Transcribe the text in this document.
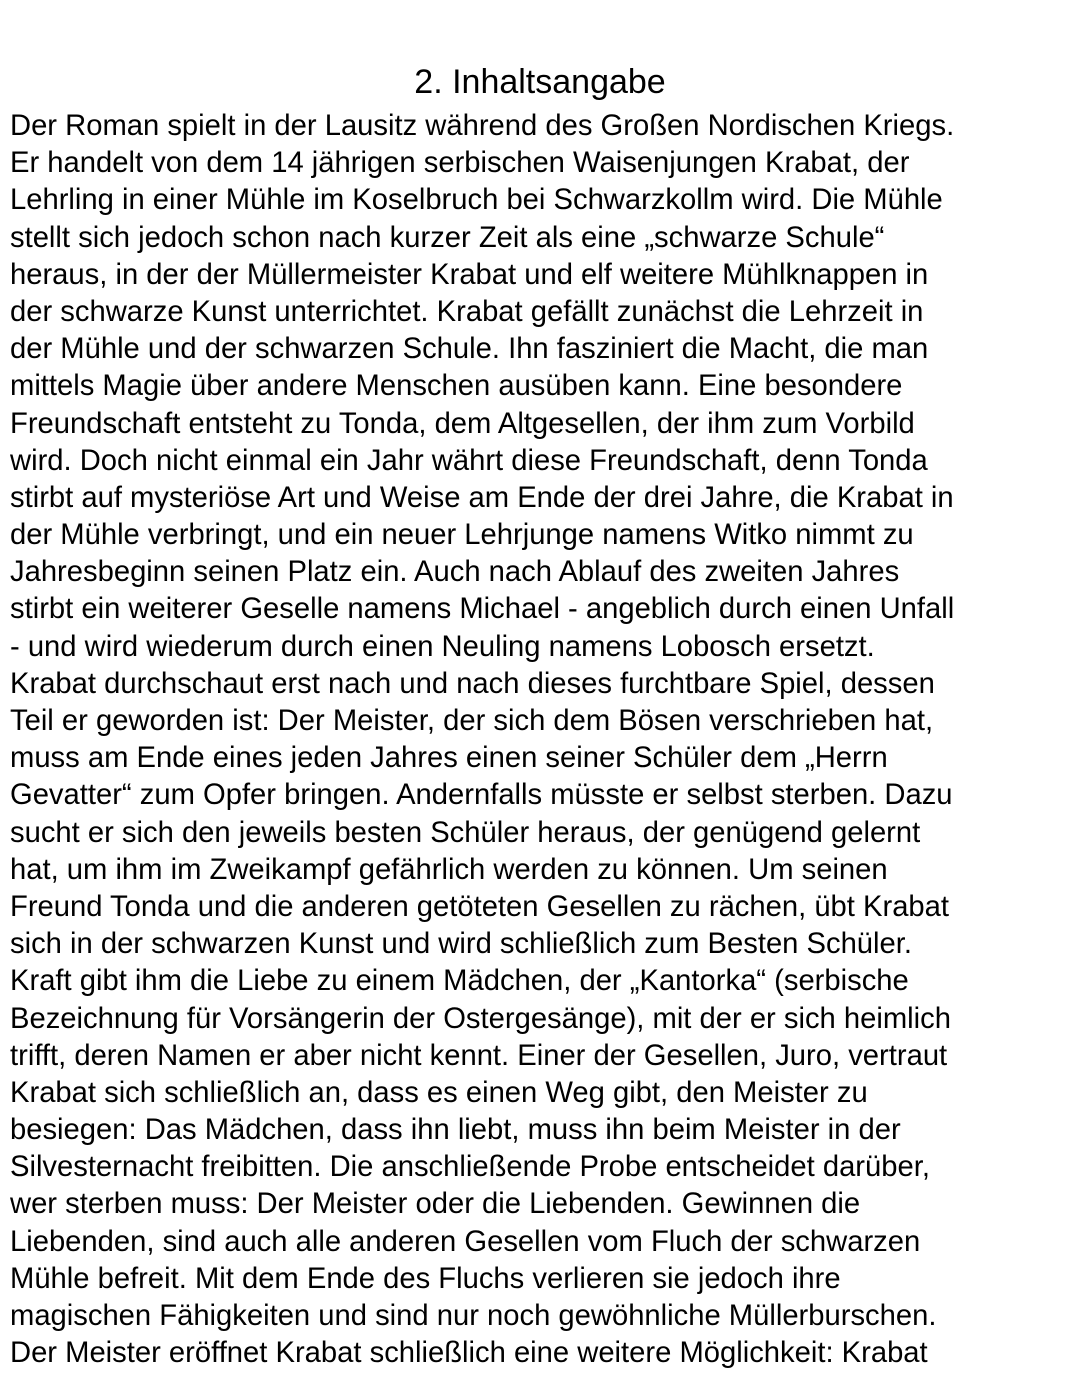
2. Inhaltsangabe

Der Roman spielt in der Lausitz während des Großen Nordischen Kriegs.

Er handelt von dem 14 jährigen serbischen Waisenjungen Krabat, der

Lehrling in einer Mühle im Koselbruch bei Schwarzkollm wird. Die Mühle

stellt sich jedoch schon nach kurzer Zeit als eine „schwarze Schule“

heraus, in der der Müllermeister Krabat und elf weitere Mühlknappen in

der schwarze Kunst unterrichtet. Krabat gefällt zunächst die Lehrzeit in

der Mühle und der schwarzen Schule. Ihn fasziniert die Macht, die man

mittels Magie über andere Menschen ausüben kann. Eine besondere

Freundschaft entsteht zu Tonda, dem Altgesellen, der ihm zum Vorbild

wird. Doch nicht einmal ein Jahr währt diese Freundschaft, denn Tonda

stirbt auf mysteriöse Art und Weise am Ende der drei Jahre, die Krabat in

der Mühle verbringt, und ein neuer Lehrjunge namens Witko nimmt zu

Jahresbeginn seinen Platz ein. Auch nach Ablauf des zweiten Jahres

stirbt ein weiterer Geselle namens Michael - angeblich durch einen Unfall

- und wird wiederum durch einen Neuling namens Lobosch ersetzt.

Krabat durchschaut erst nach und nach dieses furchtbare Spiel, dessen

Teil er geworden ist: Der Meister, der sich dem Bösen verschrieben hat,

muss am Ende eines jeden Jahres einen seiner Schüler dem „Herrn

Gevatter“ zum Opfer bringen. Andernfalls müsste er selbst sterben. Dazu

sucht er sich den jeweils besten Schüler heraus, der genügend gelernt

hat, um ihm im Zweikampf gefährlich werden zu können. Um seinen

Freund Tonda und die anderen getöteten Gesellen zu rächen, übt Krabat

sich in der schwarzen Kunst und wird schließlich zum Besten Schüler.

Kraft gibt ihm die Liebe zu einem Mädchen, der „Kantorka“ (serbische

Bezeichnung für Vorsängerin der Ostergesänge), mit der er sich heimlich

trifft, deren Namen er aber nicht kennt. Einer der Gesellen, Juro, vertraut

Krabat sich schließlich an, dass es einen Weg gibt, den Meister zu

besiegen: Das Mädchen, dass ihn liebt, muss ihn beim Meister in der

Silvesternacht freibitten. Die anschließende Probe entscheidet darüber,

wer sterben muss: Der Meister oder die Liebenden. Gewinnen die

Liebenden, sind auch alle anderen Gesellen vom Fluch der schwarzen

Mühle befreit. Mit dem Ende des Fluchs verlieren sie jedoch ihre

magischen Fähigkeiten und sind nur noch gewöhnliche Müllerburschen.

Der Meister eröffnet Krabat schließlich eine weitere Möglichkeit: Krabat
